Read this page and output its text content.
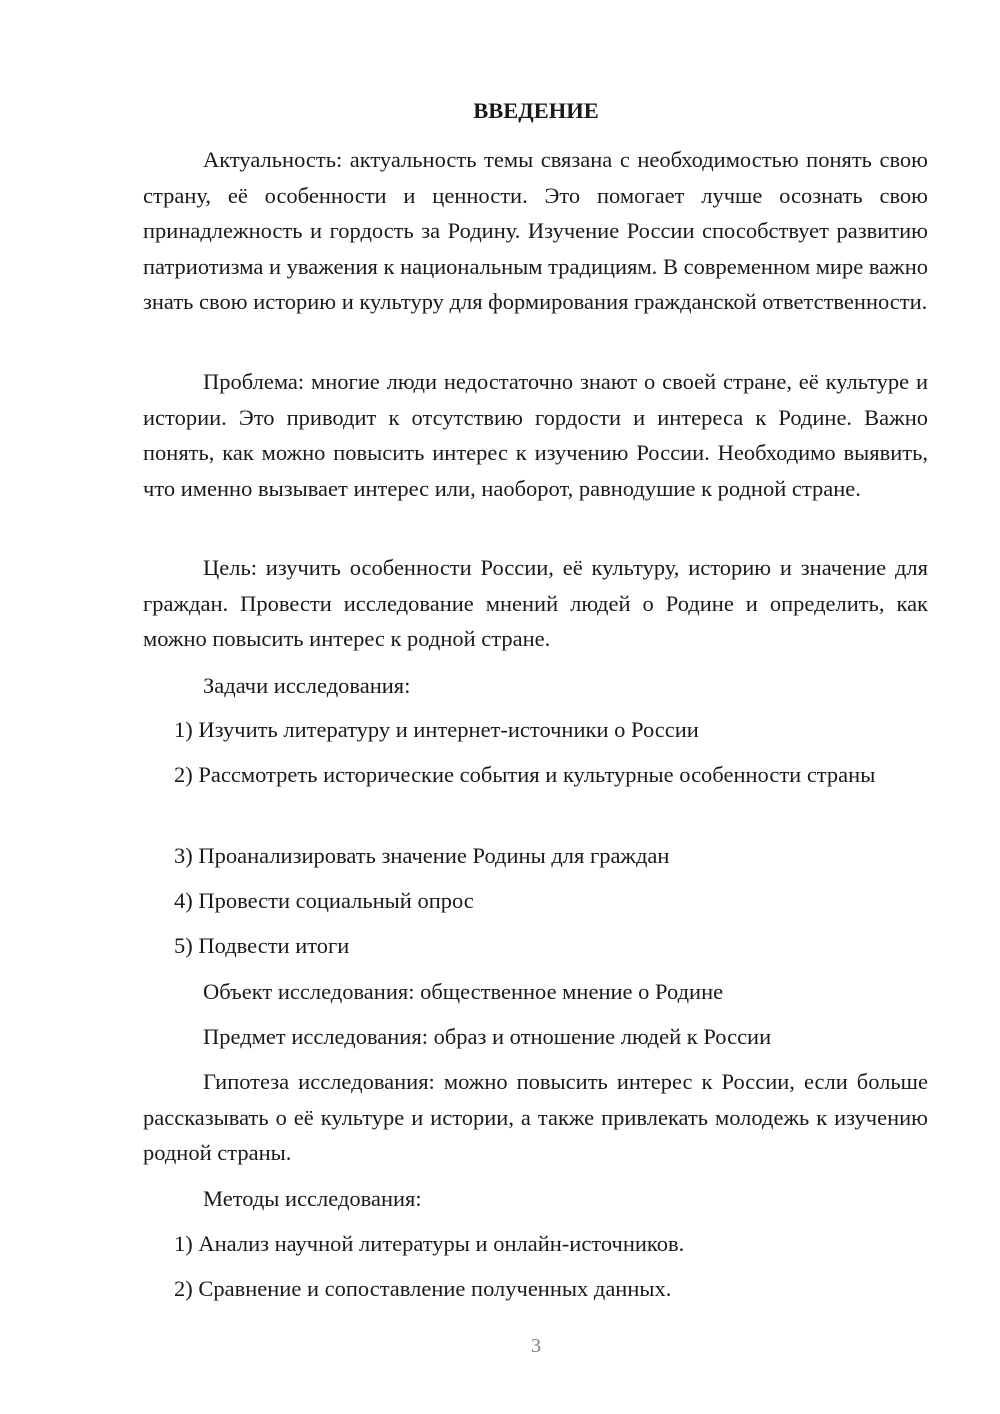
ВВЕДЕНИЕ

Актуальность: актуальность темы связана с необходимостью понять свою страну, её особенности и ценности. Это помогает лучше осознать свою принадлежность и гордость за Родину. Изучение России способствует развитию патриотизма и уважения к национальным традициям. В современном мире важно знать свою историю и культуру для формирования гражданской ответственности.

Проблема: многие люди недостаточно знают о своей стране, её культуре и истории. Это приводит к отсутствию гордости и интереса к Родине. Важно понять, как можно повысить интерес к изучению России. Необходимо выявить, что именно вызывает интерес или, наоборот, равнодушие к родной стране.

Цель: изучить особенности России, её культуру, историю и значение для граждан. Провести исследование мнений людей о Родине и определить, как можно повысить интерес к родной стране.

Задачи исследования:

1) Изучить литературу и интернет-источники о России

2) Рассмотреть исторические события и культурные особенности страны

3) Проанализировать значение Родины для граждан

4) Провести социальный опрос

5) Подвести итоги

Объект исследования: общественное мнение о Родине

Предмет исследования: образ и отношение людей к России

Гипотеза исследования: можно повысить интерес к России, если больше рассказывать о её культуре и истории, а также привлекать молодежь к изучению родной страны.

Методы исследования:

1) Анализ научной литературы и онлайн-источников.

2) Сравнение и сопоставление полученных данных.

3
